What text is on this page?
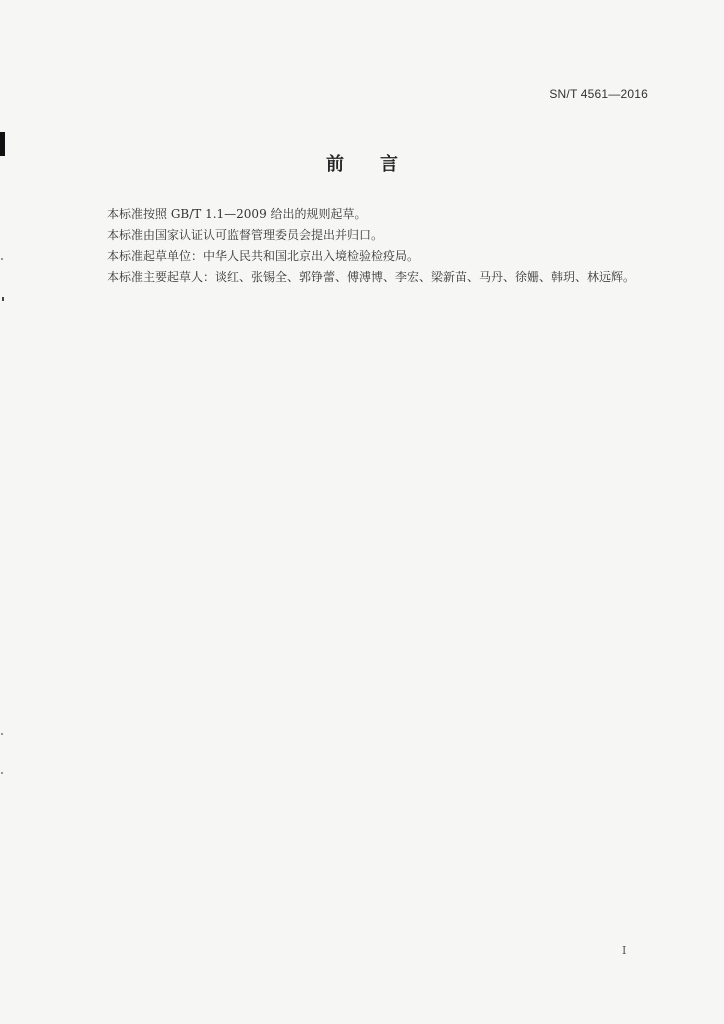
SN/T 4561—2016
前言

本标准按照 GB/T 1.1—2009 给出的规则起草。

本标准由国家认证认可监督管理委员会提出并归口。

本标准起草单位：中华人民共和国北京出入境检验检疫局。

本标准主要起草人：谈红、张锡全、郭铮蕾、傅溥博、李宏、梁新苗、马丹、徐姗、韩玥、林远辉。

I
